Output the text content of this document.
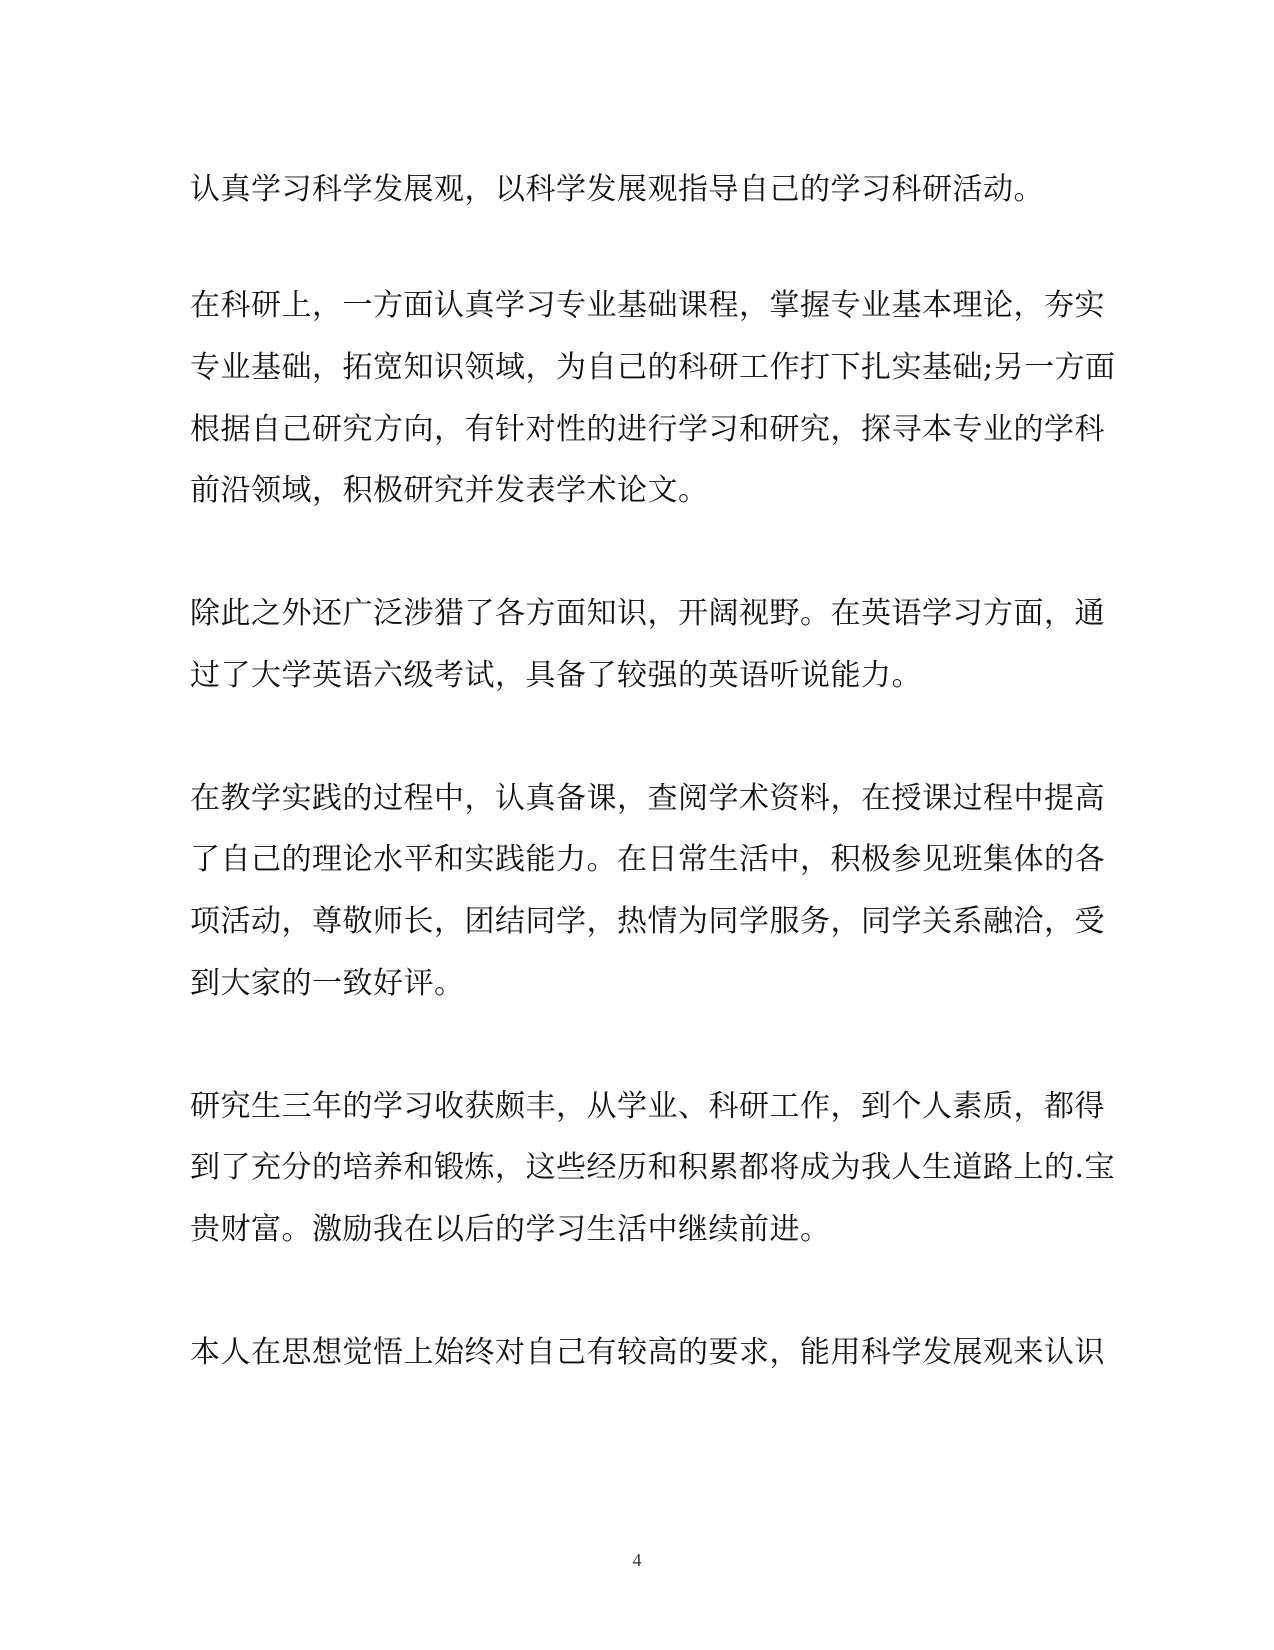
认真学习科学发展观，以科学发展观指导自己的学习科研活动。
在科研上，一方面认真学习专业基础课程，掌握专业基本理论，夯实
专业基础，拓宽知识领域，为自己的科研工作打下扎实基础;另一方面
根据自己研究方向，有针对性的进行学习和研究，探寻本专业的学科
前沿领域，积极研究并发表学术论文。
除此之外还广泛涉猎了各方面知识，开阔视野。在英语学习方面，通
过了大学英语六级考试，具备了较强的英语听说能力。
在教学实践的过程中，认真备课，查阅学术资料，在授课过程中提高
了自己的理论水平和实践能力。在日常生活中，积极参见班集体的各
项活动，尊敬师长，团结同学，热情为同学服务，同学关系融洽，受
到大家的一致好评。
研究生三年的学习收获颇丰，从学业、科研工作，到个人素质，都得
到了充分的培养和锻炼，这些经历和积累都将成为我人生道路上的.宝
贵财富。激励我在以后的学习生活中继续前进。
本人在思想觉悟上始终对自己有较高的要求，能用科学发展观来认识
4
